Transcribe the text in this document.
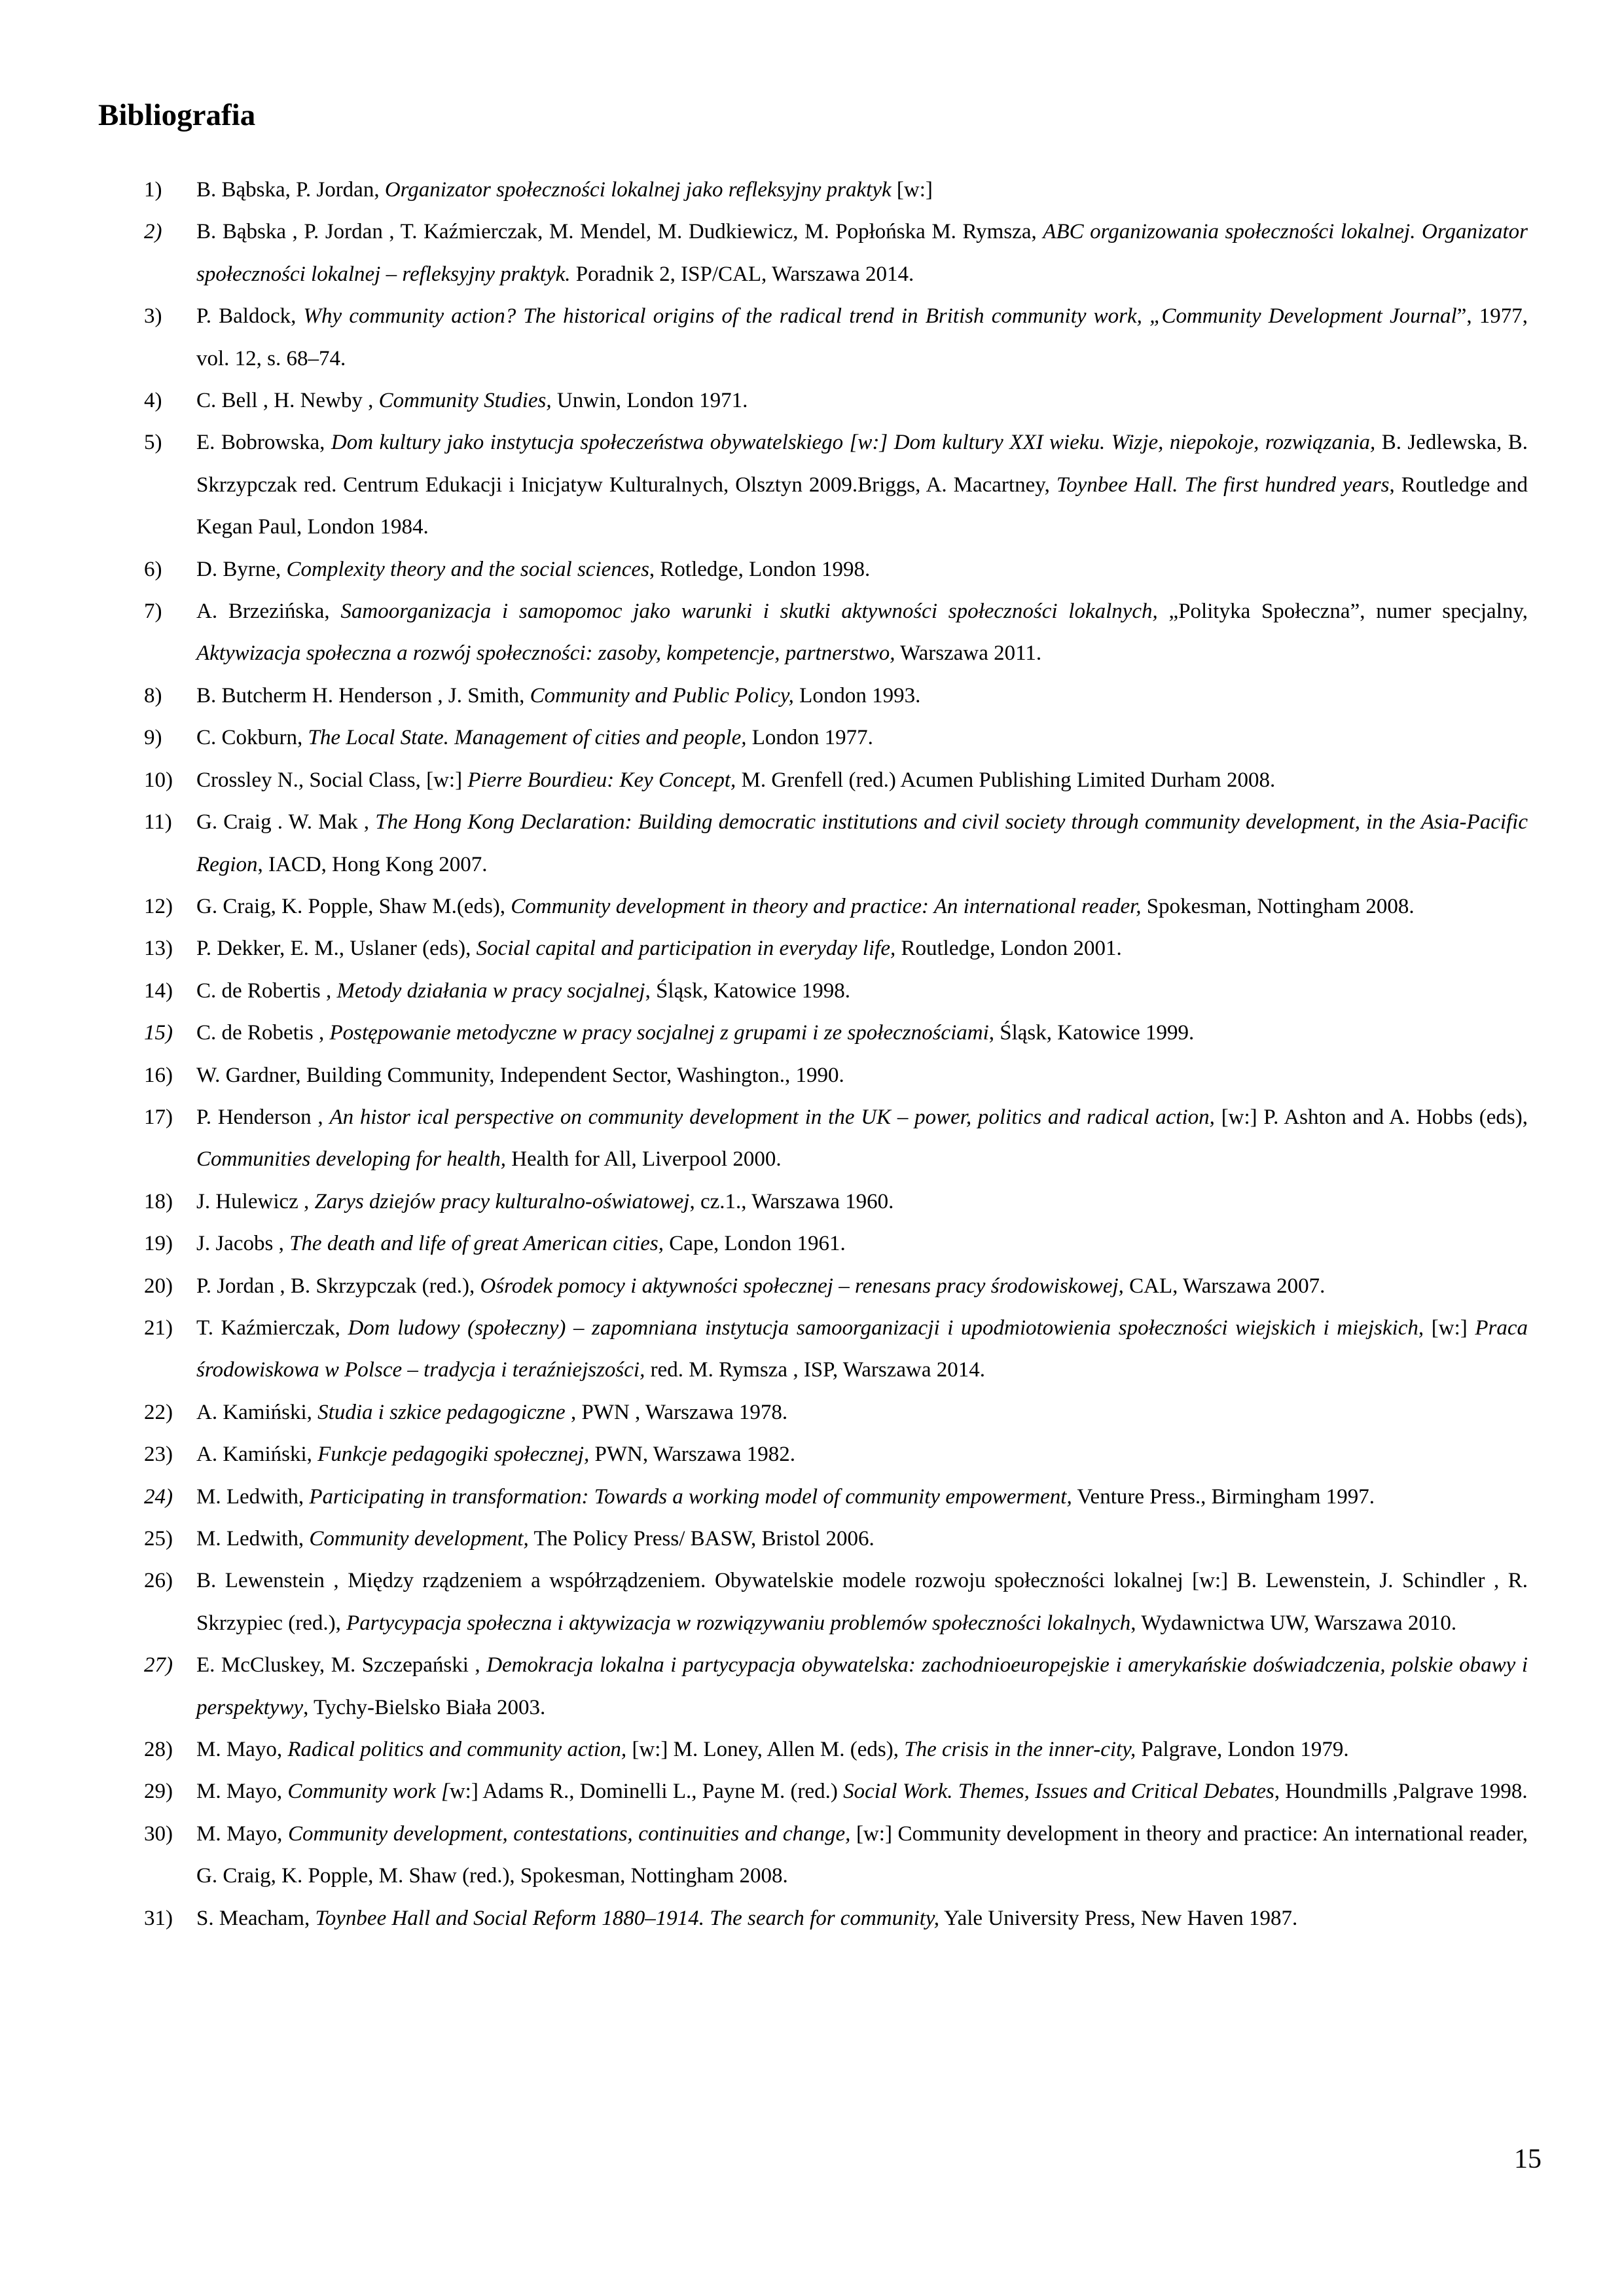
Bibliografia
1)	B. Bąbska, P. Jordan, Organizator społeczności lokalnej jako refleksyjny praktyk [w:]
2)	B. Bąbska , P. Jordan , T. Kaźmierczak, M. Mendel, M. Dudkiewicz, M. Popłońska M. Rymsza, ABC organizowania społeczności lokalnej. Organizator społeczności lokalnej – refleksyjny praktyk. Poradnik 2, ISP/CAL, Warszawa 2014.
3)	P. Baldock, Why community action? The historical origins of the radical trend in British community work, „Community Development Journal”, 1977, vol. 12, s. 68–74.
4)	C. Bell , H. Newby , Community Studies, Unwin, London 1971.
5)	E. Bobrowska, Dom kultury jako instytucja społeczeństwa obywatelskiego [w:] Dom kultury XXI wieku. Wizje, niepokoje, rozwiązania, B. Jedlewska, B. Skrzypczak red. Centrum Edukacji i Inicjatyw Kulturalnych, Olsztyn 2009.Briggs, A. Macartney, Toynbee Hall. The first hundred years, Routledge and Kegan Paul, London 1984.
6)	D. Byrne, Complexity theory and the social sciences, Rotledge, London 1998.
7)	A. Brzezińska, Samoorganizacja i samopomoc jako warunki i skutki aktywności społeczności lokalnych, „Polityka Społeczna”, numer specjalny, Aktywizacja społeczna a rozwój społeczności: zasoby, kompetencje, partnerstwo, Warszawa 2011.
8)	B. Butcherm H. Henderson , J. Smith, Community and Public Policy, London 1993.
9)	C. Cokburn, The Local State. Management of cities and people, London 1977.
10)	Crossley N., Social Class, [w:] Pierre Bourdieu: Key Concept, M. Grenfell (red.) Acumen Publishing Limited Durham 2008.
11)	G. Craig . W. Mak , The Hong Kong Declaration: Building democratic institutions and civil society through community development, in the Asia-Pacific Region, IACD, Hong Kong 2007.
12)	G. Craig, K. Popple, Shaw M.(eds), Community development in theory and practice: An international reader, Spokesman, Nottingham 2008.
13)	P. Dekker, E. M., Uslaner (eds), Social capital and participation in everyday life, Routledge, London 2001.
14)	C. de Robertis , Metody działania w pracy socjalnej, Śląsk, Katowice 1998.
15)	C. de Robetis , Postępowanie metodyczne w pracy socjalnej z grupami i ze społecznościami, Śląsk, Katowice 1999.
16)	W. Gardner, Building Community, Independent Sector, Washington., 1990.
17)	P. Henderson , An histor ical perspective on community development in the UK – power, politics and radical action, [w:] P. Ashton and A. Hobbs (eds), Communities developing for health, Health for All, Liverpool 2000.
18)	J. Hulewicz , Zarys dziejów pracy kulturalno-oświatowej, cz.1., Warszawa 1960.
19)	J. Jacobs , The death and life of great American cities, Cape, London 1961.
20)	P. Jordan , B. Skrzypczak (red.), Ośrodek pomocy i aktywności społecznej – renesans pracy środowiskowej, CAL, Warszawa 2007.
21)	T. Kaźmierczak, Dom ludowy (społeczny) – zapomniana instytucja samoorganizacji i upodmiotowienia społeczności wiejskich i miejskich, [w:] Praca środowiskowa w Polsce – tradycja i teraźniejszości, red. M. Rymsza , ISP, Warszawa 2014.
22)	A. Kamiński, Studia i szkice pedagogiczne , PWN , Warszawa 1978.
23)	A. Kamiński, Funkcje pedagogiki społecznej, PWN, Warszawa 1982.
24)	M. Ledwith, Participating in transformation: Towards a working model of community empowerment, Venture Press., Birmingham 1997.
25)	M. Ledwith, Community development, The Policy Press/ BASW, Bristol 2006.
26)	B. Lewenstein , Między rządzeniem a współrządzeniem. Obywatelskie modele rozwoju społeczności lokalnej [w:] B. Lewenstein, J. Schindler , R. Skrzypiec (red.), Partycypacja społeczna i aktywizacja w rozwiązywaniu problemów społeczności lokalnych, Wydawnictwa UW, Warszawa 2010.
27)	E. McCluskey, M. Szczepański , Demokracja lokalna i partycypacja obywatelska: zachodnioeuropejskie i amerykańskie doświadczenia, polskie obawy i perspektywy, Tychy-Bielsko Biała 2003.
28)	M. Mayo, Radical politics and community action, [w:] M. Loney, Allen M. (eds), The crisis in the inner-city, Palgrave, London 1979.
29)	M. Mayo, Community work [w:] Adams R., Dominelli L., Payne M. (red.) Social Work. Themes, Issues and Critical Debates, Houndmills ,Palgrave 1998.
30)	M. Mayo, Community development, contestations, continuities and change, [w:] Community development in theory and practice: An international reader, G. Craig, K. Popple, M. Shaw (red.), Spokesman, Nottingham 2008.
31)	S. Meacham, Toynbee Hall and Social Reform 1880–1914. The search for community, Yale University Press, New Haven 1987.
15
